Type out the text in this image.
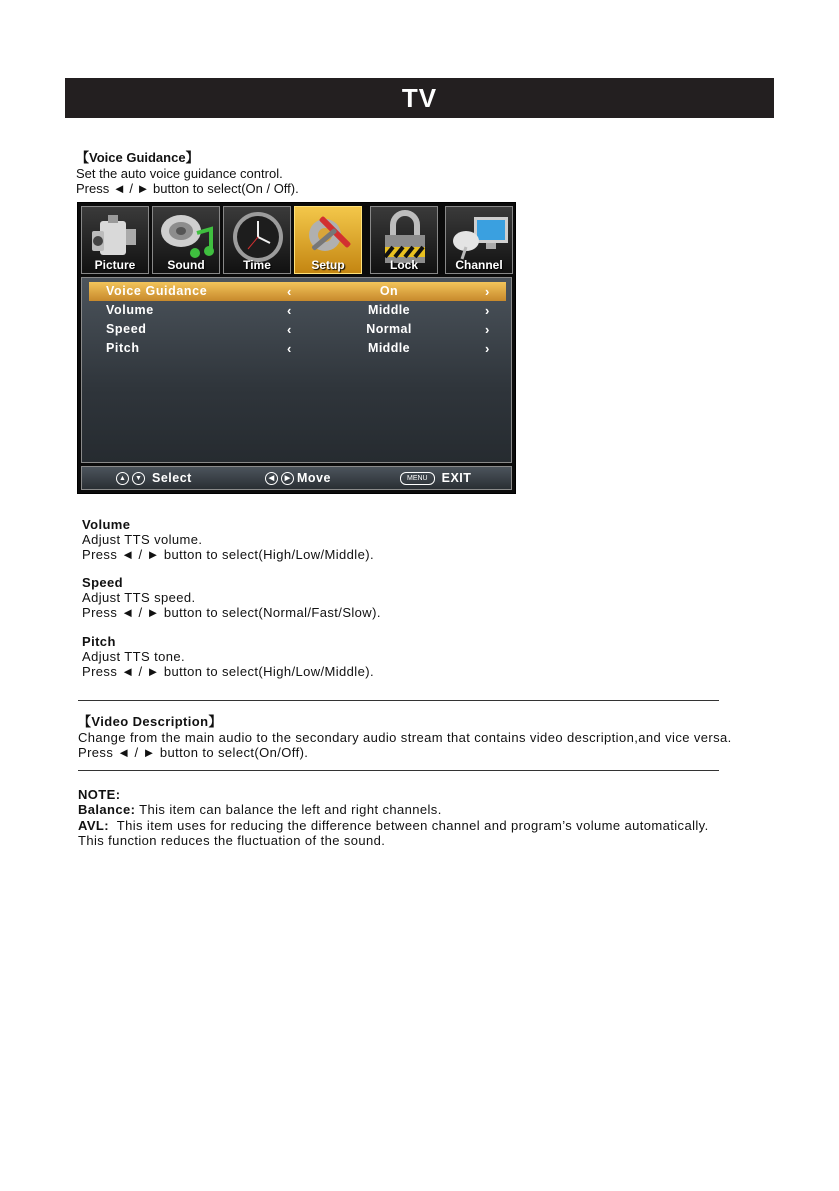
TV
【Voice Guidance】
Set the auto voice guidance control.
Press ◄ / ► button to select(On / Off).
Picture	Sound	Time	Setup	Lock	Channel
Voice Guidance	‹	On	›
Volume	‹	Middle	›
Speed	‹	Normal	›
Pitch	‹	Middle	›
▲	▼ Select	◀	▶ Move	MENU	EXIT
Volume
Adjust TTS volume.
Press ◄ / ► button to select(High/Low/Middle).
Speed
Adjust TTS speed.
Press ◄ / ► button to select(Normal/Fast/Slow).
Pitch
Adjust TTS tone.
Press ◄ / ► button to select(High/Low/Middle).
【Video Description】
Change from the main audio to the secondary audio stream that contains video description,and vice versa.
Press ◄ / ► button to select(On/Off).
NOTE:
Balance: This item can balance the left and right channels.
AVL:  This item uses for reducing the difference between channel and program’s volume automatically.
This function reduces the fluctuation of the sound.
